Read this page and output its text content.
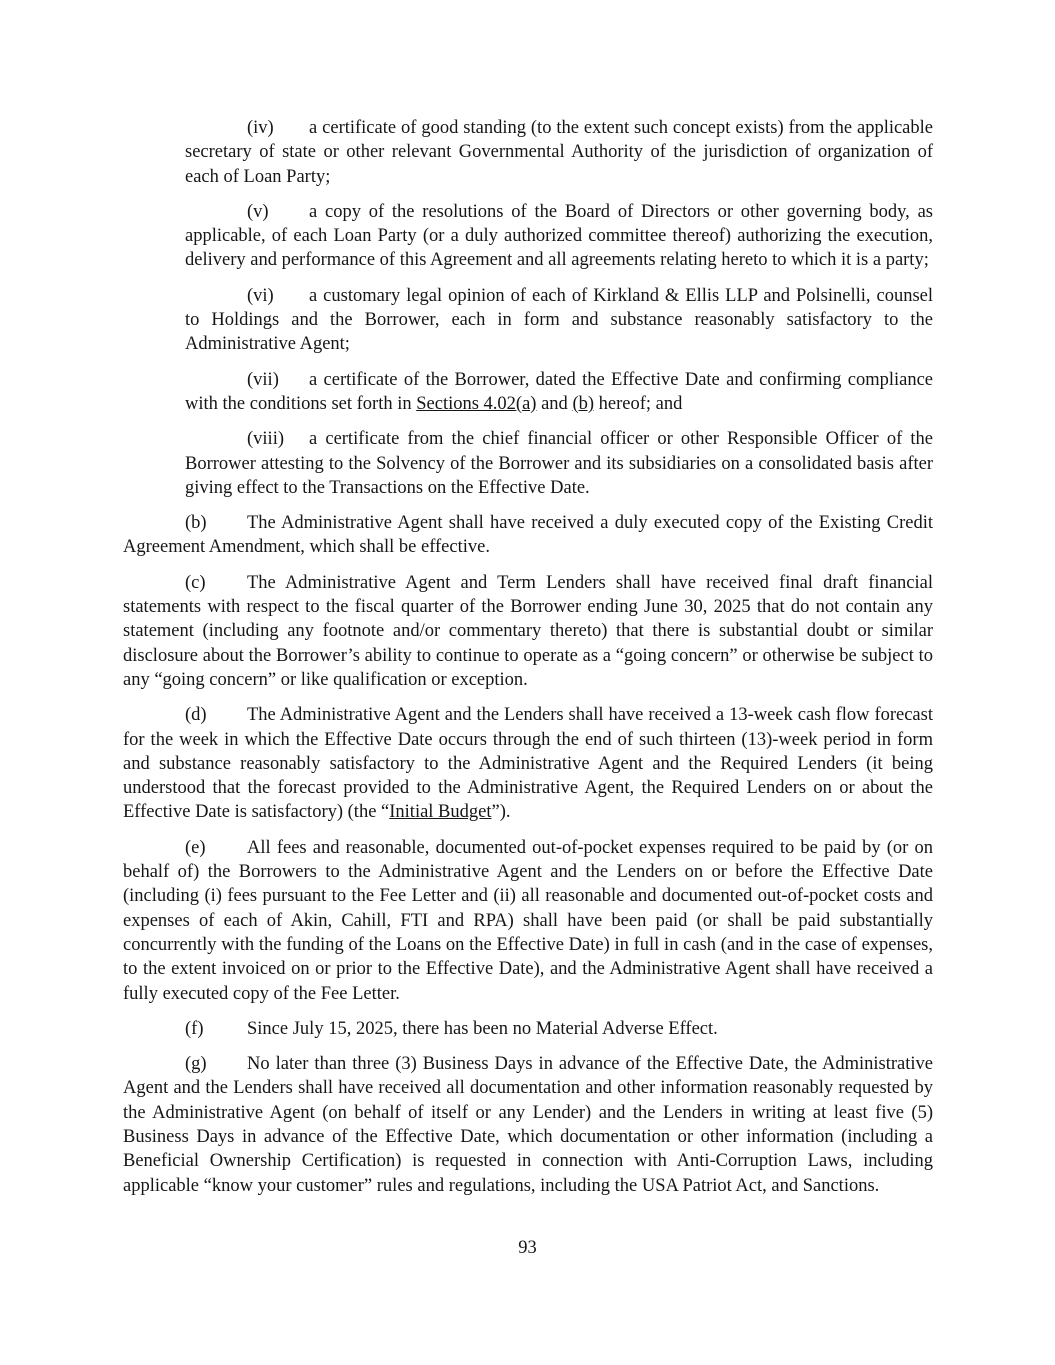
(iv) a certificate of good standing (to the extent such concept exists) from the applicable secretary of state or other relevant Governmental Authority of the jurisdiction of organization of each of Loan Party;

(v) a copy of the resolutions of the Board of Directors or other governing body, as applicable, of each Loan Party (or a duly authorized committee thereof) authorizing the execution, delivery and performance of this Agreement and all agreements relating hereto to which it is a party;

(vi) a customary legal opinion of each of Kirkland & Ellis LLP and Polsinelli, counsel to Holdings and the Borrower, each in form and substance reasonably satisfactory to the Administrative Agent;

(vii) a certificate of the Borrower, dated the Effective Date and confirming compliance with the conditions set forth in Sections 4.02(a) and (b) hereof; and

(viii) a certificate from the chief financial officer or other Responsible Officer of the Borrower attesting to the Solvency of the Borrower and its subsidiaries on a consolidated basis after giving effect to the Transactions on the Effective Date.

(b) The Administrative Agent shall have received a duly executed copy of the Existing Credit Agreement Amendment, which shall be effective.

(c) The Administrative Agent and Term Lenders shall have received final draft financial statements with respect to the fiscal quarter of the Borrower ending June 30, 2025 that do not contain any statement (including any footnote and/or commentary thereto) that there is substantial doubt or similar disclosure about the Borrower’s ability to continue to operate as a “going concern” or otherwise be subject to any “going concern” or like qualification or exception.

(d) The Administrative Agent and the Lenders shall have received a 13-week cash flow forecast for the week in which the Effective Date occurs through the end of such thirteen (13)-week period in form and substance reasonably satisfactory to the Administrative Agent and the Required Lenders (it being understood that the forecast provided to the Administrative Agent, the Required Lenders on or about the Effective Date is satisfactory) (the “Initial Budget”).

(e) All fees and reasonable, documented out-of-pocket expenses required to be paid by (or on behalf of) the Borrowers to the Administrative Agent and the Lenders on or before the Effective Date (including (i) fees pursuant to the Fee Letter and (ii) all reasonable and documented out-of-pocket costs and expenses of each of Akin, Cahill, FTI and RPA) shall have been paid (or shall be paid substantially concurrently with the funding of the Loans on the Effective Date) in full in cash (and in the case of expenses, to the extent invoiced on or prior to the Effective Date), and the Administrative Agent shall have received a fully executed copy of the Fee Letter.

(f) Since July 15, 2025, there has been no Material Adverse Effect.

(g) No later than three (3) Business Days in advance of the Effective Date, the Administrative Agent and the Lenders shall have received all documentation and other information reasonably requested by the Administrative Agent (on behalf of itself or any Lender) and the Lenders in writing at least five (5) Business Days in advance of the Effective Date, which documentation or other information (including a Beneficial Ownership Certification) is requested in connection with Anti-Corruption Laws, including applicable “know your customer” rules and regulations, including the USA Patriot Act, and Sanctions.

93
